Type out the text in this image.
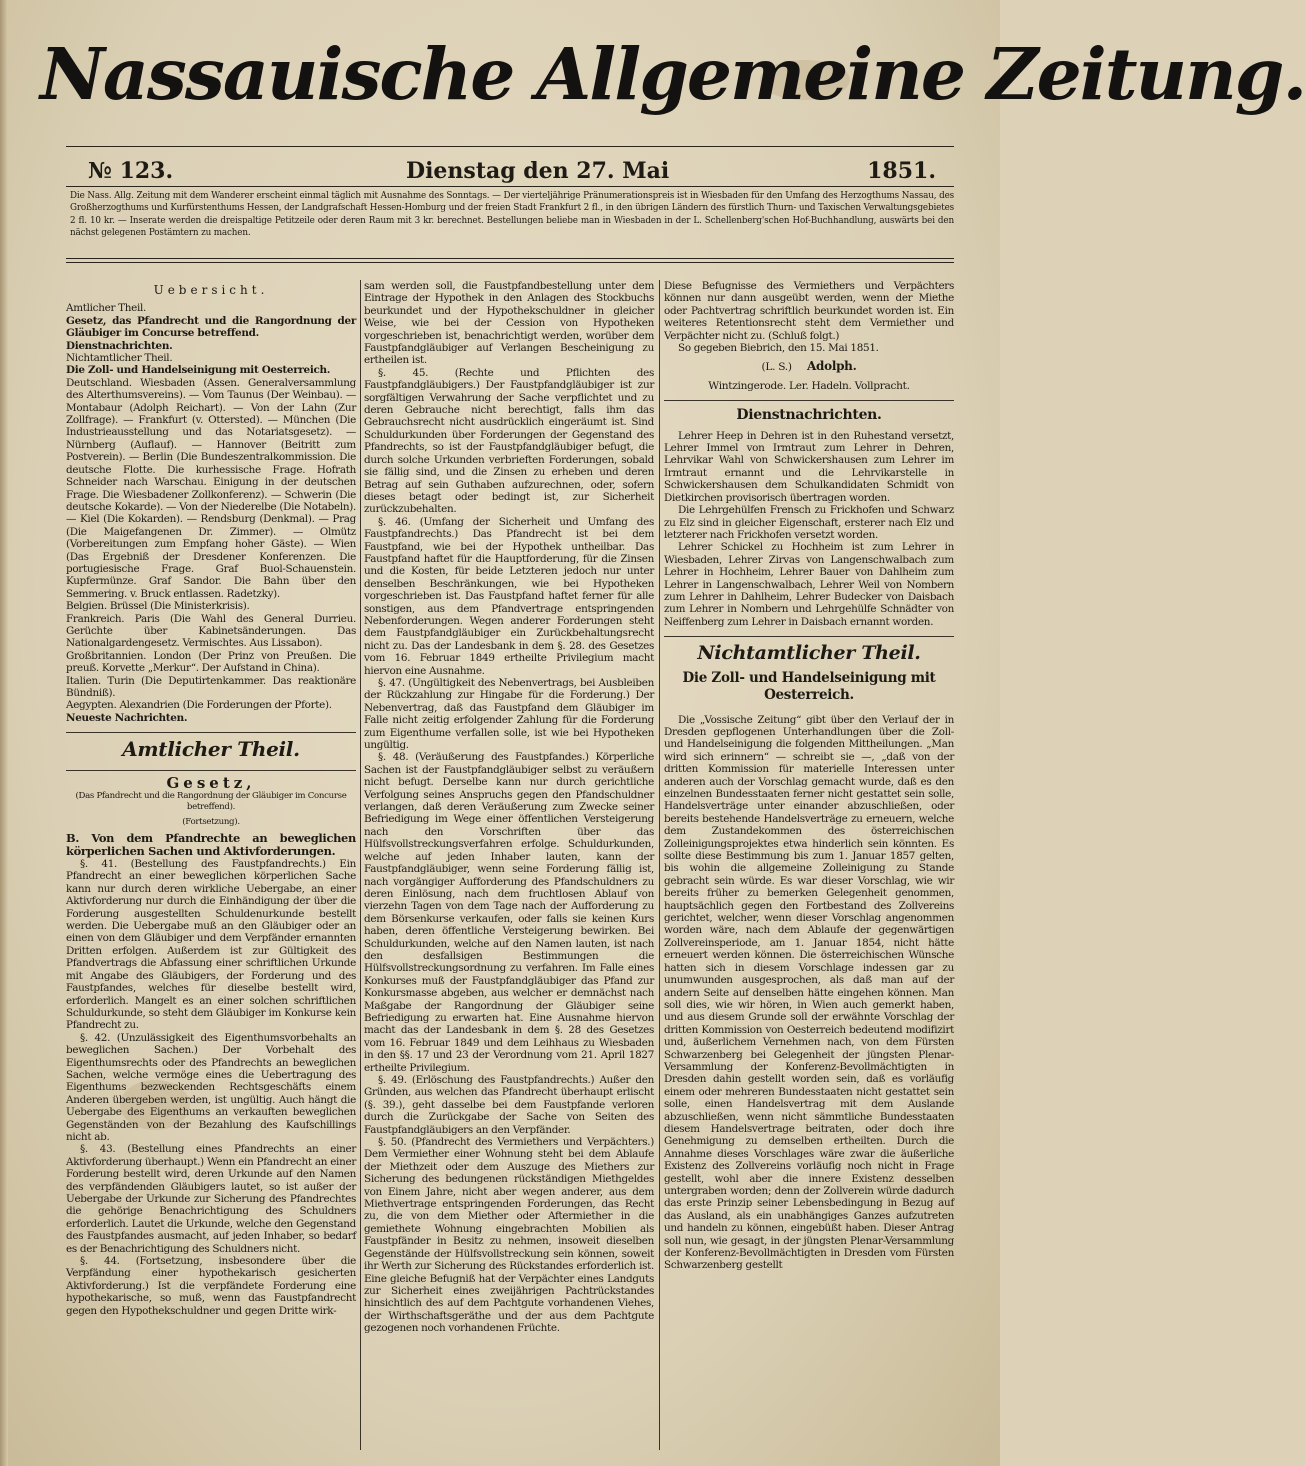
Nassauische Allgemeine Zeitung.
№ 123.	Dienstag den 27. Mai	1851.
Die Nass. Allg. Zeitung mit dem Wanderer erscheint einmal täglich mit Ausnahme des Sonntags. — Der vierteljährige Pränumerationspreis ist in Wiesbaden für den Umfang des Herzogthums Nassau, des Großherzogthums und Kurfürstenthums Hessen, der Landgrafschaft Hessen-Homburg und der freien Stadt Frankfurt 2 fl., in den übrigen Ländern des fürstlich Thurn- und Taxischen Verwaltungsgebietes 2 fl. 10 kr. — Inserate werden die dreispaltige Petitzeile oder deren Raum mit 3 kr. berechnet. Bestellungen beliebe man in Wiesbaden in der L. Schellenberg'schen Hof-Buchhandlung, auswärts bei den nächst gelegenen Postämtern zu machen.
Uebersicht.

Amtlicher Theil.

Gesetz, das Pfandrecht und die Rangordnung der Gläubiger im Concurse betreffend.

Dienstnachrichten.

Nichtamtlicher Theil.

Die Zoll- und Handelseinigung mit Oesterreich.

Deutschland. Wiesbaden (Assen. Generalversammlung des Alterthumsvereins). — Vom Taunus (Der Weinbau). — Montabaur (Adolph Reichart). — Von der Lahn (Zur Zollfrage). — Frankfurt (v. Ottersted). — München (Die Industrieausstellung und das Notariatsgesetz). — Nürnberg (Auflauf). — Hannover (Beitritt zum Postverein). — Berlin (Die Bundeszentralkommission. Die deutsche Flotte. Die kurhessische Frage. Hofrath Schneider nach Warschau. Einigung in der deutschen Frage. Die Wiesbadener Zollkonferenz). — Schwerin (Die deutsche Kokarde). — Von der Niederelbe (Die Notabeln). — Kiel (Die Kokarden). — Rendsburg (Denkmal). — Prag (Die Maigefangenen Dr. Zimmer). — Olmütz (Vorbereitungen zum Empfang hoher Gäste). — Wien (Das Ergebniß der Dresdener Konferenzen. Die portugiesische Frage. Graf Buol-Schauenstein. Kupfermünze. Graf Sandor. Die Bahn über den Semmering. v. Bruck entlassen. Radetzky).

Belgien. Brüssel (Die Ministerkrisis).

Frankreich. Paris (Die Wahl des General Durrieu. Gerüchte über Kabinetsänderungen. Das Nationalgardengesetz. Vermischtes. Aus Lissabon).

Großbritannien. London (Der Prinz von Preußen. Die preuß. Korvette „Merkur“. Der Aufstand in China).

Italien. Turin (Die Deputirtenkammer. Das reaktionäre Bündniß).

Aegypten. Alexandrien (Die Forderungen der Pforte).

Neueste Nachrichten.

Amtlicher Theil.
Gesetz,
(Das Pfandrecht und die Rangordnung der Gläubiger im Concurse betreffend).
(Fortsetzung).

B. Von dem Pfandrechte an beweglichen körperlichen Sachen und Aktivforderungen.

§. 41. (Bestellung des Faustpfandrechts.) Ein Pfandrecht an einer beweglichen körperlichen Sache kann nur durch deren wirkliche Uebergabe, an einer Aktivforderung nur durch die Einhändigung der über die Forderung ausgestellten Schuldenurkunde bestellt werden. Die Uebergabe muß an den Gläubiger oder an einen von dem Gläubiger und dem Verpfänder ernannten Dritten erfolgen. Außerdem ist zur Gültigkeit des Pfandvertrags die Abfassung einer schriftlichen Urkunde mit Angabe des Gläubigers, der Forderung und des Faustpfandes, welches für dieselbe bestellt wird, erforderlich. Mangelt es an einer solchen schriftlichen Schuldurkunde, so steht dem Gläubiger im Konkurse kein Pfandrecht zu.

§. 42. (Unzulässigkeit des Eigenthumsvorbehalts an beweglichen Sachen.) Der Vorbehalt des Eigenthumsrechts oder des Pfandrechts an beweglichen Sachen, welche vermöge eines die Uebertragung des Eigenthums bezweckenden Rechtsgeschäfts einem Anderen übergeben werden, ist ungültig. Auch hängt die Uebergabe des Eigenthums an verkauften beweglichen Gegenständen von der Bezahlung des Kaufschillings nicht ab.

§. 43. (Bestellung eines Pfandrechts an einer Aktivforderung überhaupt.) Wenn ein Pfandrecht an einer Forderung bestellt wird, deren Urkunde auf den Namen des verpfändenden Gläubigers lautet, so ist außer der Uebergabe der Urkunde zur Sicherung des Pfandrechtes die gehörige Benachrichtigung des Schuldners erforderlich. Lautet die Urkunde, welche den Gegenstand des Faustpfandes ausmacht, auf jeden Inhaber, so bedarf es der Benachrichtigung des Schuldners nicht.

§. 44. (Fortsetzung, insbesondere über die Verpfändung einer hypothekarisch gesicherten Aktivforderung.) Ist die verpfändete Forderung eine hypothekarische, so muß, wenn das Faustpfandrecht gegen den Hypothekschuldner und gegen Dritte wirk-

sam werden soll, die Faustpfandbestellung unter dem Eintrage der Hypothek in den Anlagen des Stockbuchs beurkundet und der Hypothekschuldner in gleicher Weise, wie bei der Cession von Hypotheken vorgeschrieben ist, benachrichtigt werden, worüber dem Faustpfandgläubiger auf Verlangen Bescheinigung zu ertheilen ist.

§. 45. (Rechte und Pflichten des Faustpfandgläubigers.) Der Faustpfandgläubiger ist zur sorgfältigen Verwahrung der Sache verpflichtet und zu deren Gebrauche nicht berechtigt, falls ihm das Gebrauchsrecht nicht ausdrücklich eingeräumt ist. Sind Schuldurkunden über Forderungen der Gegenstand des Pfandrechts, so ist der Faustpfandgläubiger befugt, die durch solche Urkunden verbrieften Forderungen, sobald sie fällig sind, und die Zinsen zu erheben und deren Betrag auf sein Guthaben aufzurechnen, oder, sofern dieses betagt oder bedingt ist, zur Sicherheit zurückzubehalten.

§. 46. (Umfang der Sicherheit und Umfang des Faustpfandrechts.) Das Pfandrecht ist bei dem Faustpfand, wie bei der Hypothek untheilbar. Das Faustpfand haftet für die Hauptforderung, für die Zinsen und die Kosten, für beide Letzteren jedoch nur unter denselben Beschränkungen, wie bei Hypotheken vorgeschrieben ist. Das Faustpfand haftet ferner für alle sonstigen, aus dem Pfandvertrage entspringenden Nebenforderungen. Wegen anderer Forderungen steht dem Faustpfandgläubiger ein Zurückbehaltungsrecht nicht zu. Das der Landesbank in dem §. 28. des Gesetzes vom 16. Februar 1849 ertheilte Privilegium macht hiervon eine Ausnahme.

§. 47. (Ungültigkeit des Nebenvertrags, bei Ausbleiben der Rückzahlung zur Hingabe für die Forderung.) Der Nebenvertrag, daß das Faustpfand dem Gläubiger im Falle nicht zeitig erfolgender Zahlung für die Forderung zum Eigenthume verfallen solle, ist wie bei Hypotheken ungültig.

§. 48. (Veräußerung des Faustpfandes.) Körperliche Sachen ist der Faustpfandgläubiger selbst zu veräußern nicht befugt. Derselbe kann nur durch gerichtliche Verfolgung seines Anspruchs gegen den Pfandschuldner verlangen, daß deren Veräußerung zum Zwecke seiner Befriedigung im Wege einer öffentlichen Versteigerung nach den Vorschriften über das Hülfsvollstreckungsverfahren erfolge. Schuldurkunden, welche auf jeden Inhaber lauten, kann der Faustpfandgläubiger, wenn seine Forderung fällig ist, nach vorgängiger Aufforderung des Pfandschuldners zu deren Einlösung, nach dem fruchtlosen Ablauf von vierzehn Tagen von dem Tage nach der Aufforderung zu dem Börsenkurse verkaufen, oder falls sie keinen Kurs haben, deren öffentliche Versteigerung bewirken. Bei Schuldurkunden, welche auf den Namen lauten, ist nach den desfallsigen Bestimmungen die Hülfsvollstreckungsordnung zu verfahren. Im Falle eines Konkurses muß der Faustpfandgläubiger das Pfand zur Konkursmasse abgeben, aus welcher er demnächst nach Maßgabe der Rangordnung der Gläubiger seine Befriedigung zu erwarten hat. Eine Ausnahme hiervon macht das der Landesbank in dem §. 28 des Gesetzes vom 16. Februar 1849 und dem Leihhaus zu Wiesbaden in den §§. 17 und 23 der Verordnung vom 21. April 1827 ertheilte Privilegium.

§. 49. (Erlöschung des Faustpfandrechts.) Außer den Gründen, aus welchen das Pfandrecht überhaupt erlischt (§. 39.), geht dasselbe bei dem Faustpfande verloren durch die Zurückgabe der Sache von Seiten des Faustpfandgläubigers an den Verpfänder.

§. 50. (Pfandrecht des Vermiethers und Verpächters.) Dem Vermiether einer Wohnung steht bei dem Ablaufe der Miethzeit oder dem Auszuge des Miethers zur Sicherung des bedungenen rückständigen Miethgeldes von Einem Jahre, nicht aber wegen anderer, aus dem Miethvertrage entspringenden Forderungen, das Recht zu, die von dem Miether oder Aftermiether in die gemiethete Wohnung eingebrachten Mobilien als Faustpfänder in Besitz zu nehmen, insoweit dieselben Gegenstände der Hülfsvollstreckung sein können, soweit ihr Werth zur Sicherung des Rückstandes erforderlich ist. Eine gleiche Befugniß hat der Verpächter eines Landguts zur Sicherheit eines zweijährigen Pachtrückstandes hinsichtlich des auf dem Pachtgute vorhandenen Viehes, der Wirthschaftsgeräthe und der aus dem Pachtgute gezogenen noch vorhandenen Früchte.

Diese Befugnisse des Vermiethers und Verpächters können nur dann ausgeübt werden, wenn der Miethe oder Pachtvertrag schriftlich beurkundet worden ist. Ein weiteres Retentionsrecht steht dem Vermiether und Verpächter nicht zu. (Schluß folgt.)

So gegeben Biebrich, den 15. Mai 1851.

(L. S.) Adolph.
Wintzingerode. Ler. Hadeln. Vollpracht.
Dienstnachrichten.

Lehrer Heep in Dehren ist in den Ruhestand versetzt, Lehrer Immel von Irmtraut zum Lehrer in Dehren, Lehrvikar Wahl von Schwickershausen zum Lehrer im Irmtraut ernannt und die Lehrvikarstelle in Schwickershausen dem Schulkandidaten Schmidt von Dietkirchen provisorisch übertragen worden.

Die Lehrgehülfen Frensch zu Frickhofen und Schwarz zu Elz sind in gleicher Eigenschaft, ersterer nach Elz und letzterer nach Frickhofen versetzt worden.

Lehrer Schickel zu Hochheim ist zum Lehrer in Wiesbaden, Lehrer Zirvas von Langenschwalbach zum Lehrer in Hochheim, Lehrer Bauer von Dahlheim zum Lehrer in Langenschwalbach, Lehrer Weil von Nombern zum Lehrer in Dahlheim, Lehrer Budecker von Daisbach zum Lehrer in Nombern und Lehrgehülfe Schnädter von Neiffenberg zum Lehrer in Daisbach ernannt worden.

Nichtamtlicher Theil.
Die Zoll- und Handelseinigung mit Oesterreich.

Die „Vossische Zeitung“ gibt über den Verlauf der in Dresden gepflogenen Unterhandlungen über die Zoll- und Handelseinigung die folgenden Mittheilungen. „Man wird sich erinnern“ — schreibt sie —, „daß von der dritten Kommission für materielle Interessen unter anderen auch der Vorschlag gemacht wurde, daß es den einzelnen Bundesstaaten ferner nicht gestattet sein solle, Handelsverträge unter einander abzuschließen, oder bereits bestehende Handelsverträge zu erneuern, welche dem Zustandekommen des österreichischen Zolleinigungsprojektes etwa hinderlich sein könnten. Es sollte diese Bestimmung bis zum 1. Januar 1857 gelten, bis wohin die allgemeine Zolleinigung zu Stande gebracht sein würde. Es war dieser Vorschlag, wie wir bereits früher zu bemerken Gelegenheit genommen, hauptsächlich gegen den Fortbestand des Zollvereins gerichtet, welcher, wenn dieser Vorschlag angenommen worden wäre, nach dem Ablaufe der gegenwärtigen Zollvereinsperiode, am 1. Januar 1854, nicht hätte erneuert werden können. Die österreichischen Wünsche hatten sich in diesem Vorschlage indessen gar zu unumwunden ausgesprochen, als daß man auf der andern Seite auf denselben hätte eingehen können. Man soll dies, wie wir hören, in Wien auch gemerkt haben, und aus diesem Grunde soll der erwähnte Vorschlag der dritten Kommission von Oesterreich bedeutend modifizirt und, äußerlichem Vernehmen nach, von dem Fürsten Schwarzenberg bei Gelegenheit der jüngsten Plenar-Versammlung der Konferenz-Bevollmächtigten in Dresden dahin gestellt worden sein, daß es vorläufig einem oder mehreren Bundesstaaten nicht gestattet sein solle, einen Handelsvertrag mit dem Auslande abzuschließen, wenn nicht sämmtliche Bundesstaaten diesem Handelsvertrage beitraten, oder doch ihre Genehmigung zu demselben ertheilten. Durch die Annahme dieses Vorschlages wäre zwar die äußerliche Existenz des Zollvereins vorläufig noch nicht in Frage gestellt, wohl aber die innere Existenz desselben untergraben worden; denn der Zollverein würde dadurch das erste Prinzip seiner Lebensbedingung in Bezug auf das Ausland, als ein unabhängiges Ganzes aufzutreten und handeln zu können, eingebüßt haben. Dieser Antrag soll nun, wie gesagt, in der jüngsten Plenar-Versammlung der Konferenz-Bevollmächtigten in Dresden vom Fürsten Schwarzenberg gestellt
